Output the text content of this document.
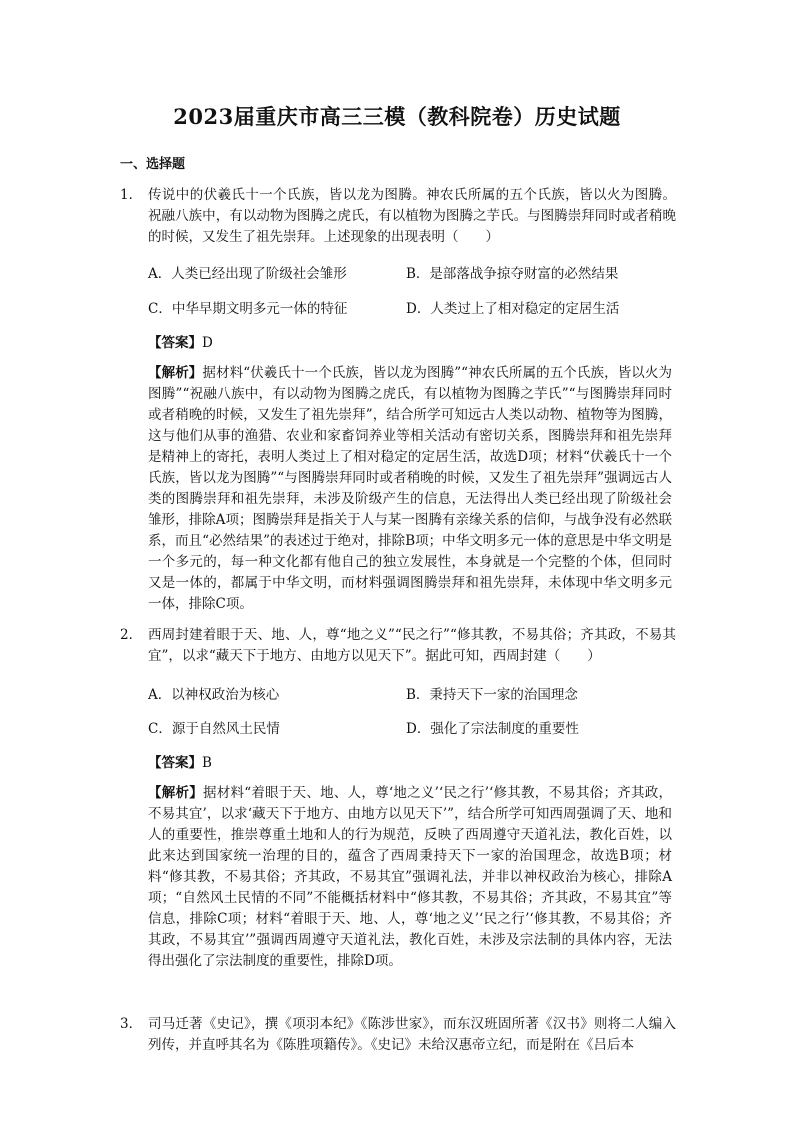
2023届重庆市高三三模（教科院卷）历史试题
一、选择题
1． 传说中的伏羲氏十一个氏族，皆以龙为图腾。神农氏所属的五个氏族，皆以火为图腾。 祝融八族中，有以动物为图腾之虎氏，有以植物为图腾之芋氏。与图腾崇拜同时或者稍晚的时候，又发生了祖先崇拜。上述现象的出现表明（　　）
A．人类已经出现了阶级社会雏形	B．是部落战争掠夺财富的必然结果
C．中华早期文明多元一体的特征	D．人类过上了相对稳定的定居生活
【答案】D
【解析】据材料“伏羲氏十一个氏族，皆以龙为图腾”“神农氏所属的五个氏族，皆以火为图腾”“祝融八族中，有以动物为图腾之虎氏，有以植物为图腾之芋氏”“与图腾崇拜同时或者稍晚的时候，又发生了祖先崇拜”，结合所学可知远古人类以动物、植物等为图腾，这与他们从事的渔猎、农业和家畜饲养业等相关活动有密切关系，图腾崇拜和祖先崇拜是精神上的寄托，表明人类过上了相对稳定的定居生活，故选D项；材料“伏羲氏十一个氏族，皆以龙为图腾”“与图腾崇拜同时或者稍晚的时候，又发生了祖先崇拜”强调远古人类的图腾崇拜和祖先崇拜，未涉及阶级产生的信息，无法得出人类已经出现了阶级社会雏形，排除A项；图腾崇拜是指关于人与某一图腾有亲缘关系的信仰，与战争没有必然联系，而且“必然结果”的表述过于绝对，排除B项；中华文明多元一体的意思是中华文明是一个多元的，每一种文化都有他自己的独立发展性，本身就是一个完整的个体，但同时又是一体的，都属于中华文明，而材料强调图腾崇拜和祖先崇拜，未体现中华文明多元一体，排除C项。
2． 西周封建着眼于天、地、人，尊“地之义”“民之行”“修其教，不易其俗；齐其政，不易其宜”，以求“藏天下于地方、由地方以见天下”。据此可知，西周封建（　　）
A．以神权政治为核心	B．秉持天下一家的治国理念
C．源于自然风土民情	D．强化了宗法制度的重要性
【答案】B
【解析】据材料“着眼于天、地、人，尊‘地之义’‘民之行’‘修其教，不易其俗；齐其政，不易其宜’，以求‘藏天下于地方、由地方以见天下’”，结合所学可知西周强调了天、地和人的重要性，推崇尊重土地和人的行为规范，反映了西周遵守天道礼法，教化百姓，以此来达到国家统一治理的目的，蕴含了西周秉持天下一家的治国理念，故选B项；材料“修其教，不易其俗；齐其政，不易其宜”强调礼法，并非以神权政治为核心，排除A项；“自然风土民情的不同”不能概括材料中“修其教，不易其俗；齐其政，不易其宜”等信息，排除C项；材料“着眼于天、地、人，尊‘地之义’‘民之行’‘修其教，不易其俗；齐其政，不易其宜’”强调西周遵守天道礼法，教化百姓，未涉及宗法制的具体内容，无法得出强化了宗法制度的重要性，排除D项。
3． 司马迁著《史记》，撰《项羽本纪》《陈涉世家》，而东汉班固所著《汉书》则将二人编入列传，并直呼其名为《陈胜项籍传》。《史记》未给汉惠帝立纪，而是附在《吕后本
